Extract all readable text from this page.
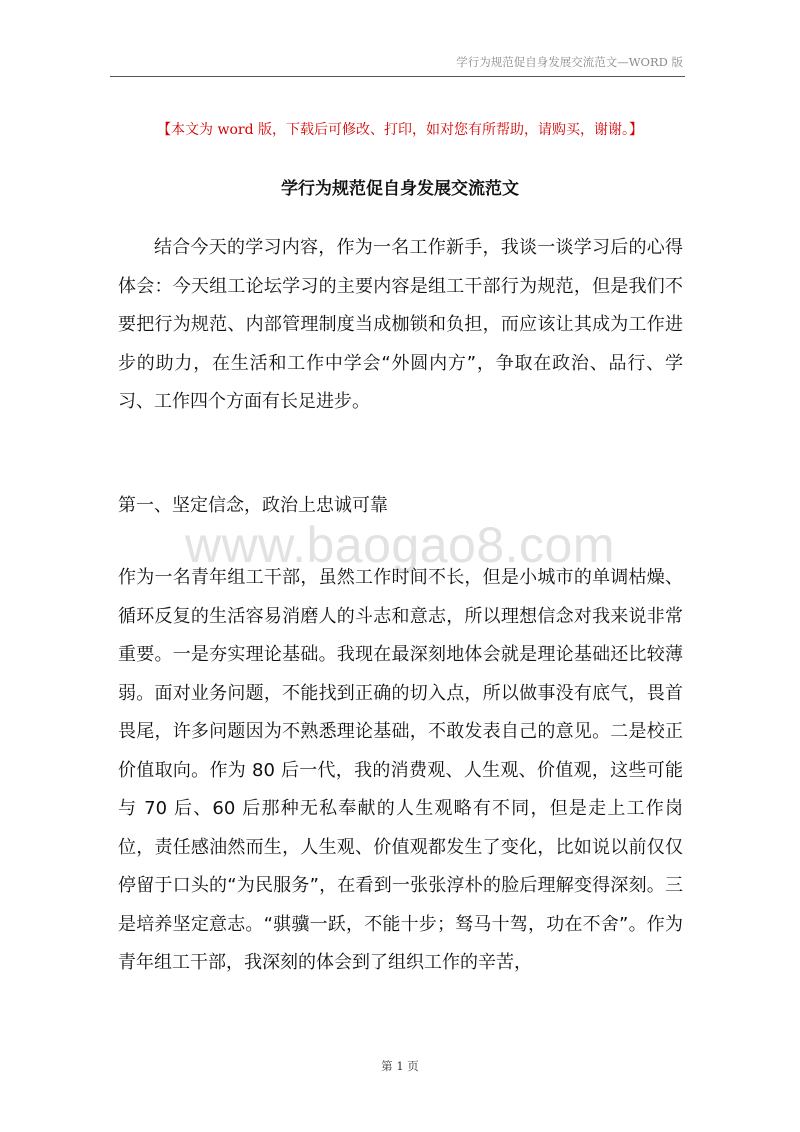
学行为规范促自身发展交流范文—WORD 版
【本文为 word 版，下载后可修改、打印，如对您有所帮助，请购买，谢谢。】
学行为规范促自身发展交流范文

结合今天的学习内容，作为一名工作新手，我谈一谈学习后的心得体会：今天组工论坛学习的主要内容是组工干部行为规范，但是我们不要把行为规范、内部管理制度当成枷锁和负担，而应该让其成为工作进步的助力，在生活和工作中学会“外圆内方”，争取在政治、品行、学习、工作四个方面有长足进步。

第一、坚定信念，政治上忠诚可靠
www.baogao8.com

作为一名青年组工干部，虽然工作时间不长，但是小城市的单调枯燥、循环反复的生活容易消磨人的斗志和意志，所以理想信念对我来说非常重要。一是夯实理论基础。我现在最深刻地体会就是理论基础还比较薄弱。面对业务问题，不能找到正确的切入点，所以做事没有底气，畏首畏尾，许多问题因为不熟悉理论基础，不敢发表自己的意见。二是校正价值取向。作为 80 后一代，我的消费观、人生观、价值观，这些可能与 70 后、60 后那种无私奉献的人生观略有不同，但是走上工作岗位，责任感油然而生，人生观、价值观都发生了变化，比如说以前仅仅停留于口头的“为民服务”，在看到一张张淳朴的脸后理解变得深刻。三是培养坚定意志。“骐骥一跃，不能十步；驽马十驾，功在不舍”。作为青年组工干部，我深刻的体会到了组织工作的辛苦，

第 1 页
